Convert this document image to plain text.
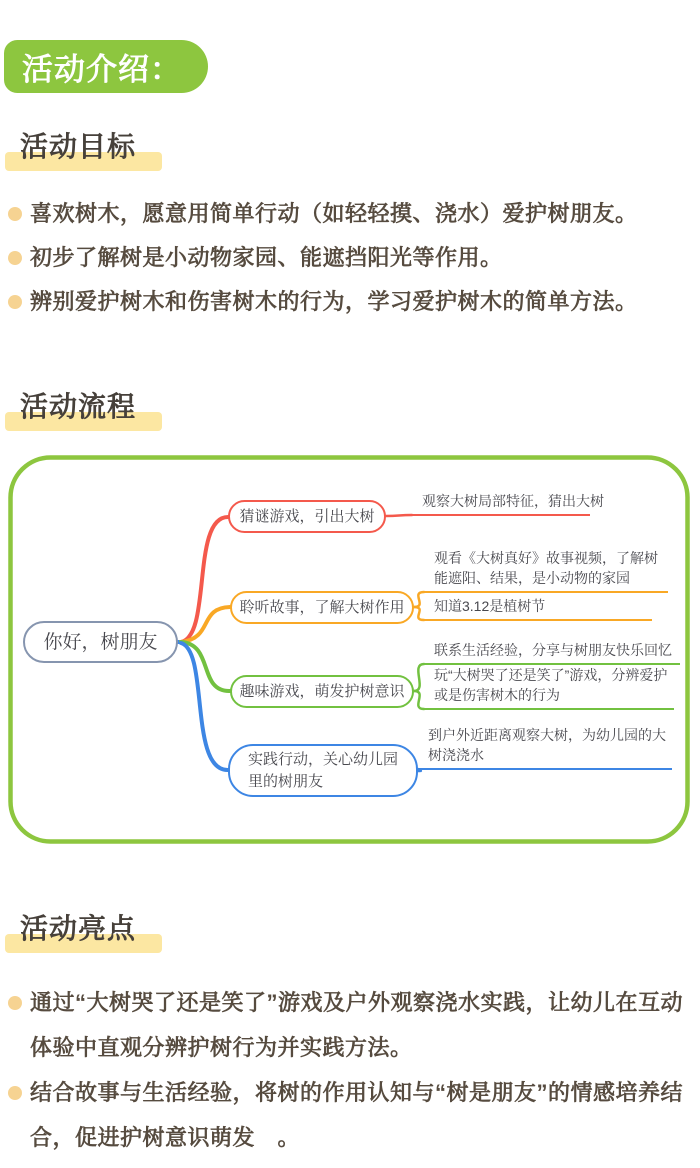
活动介绍：
活动目标
喜欢树木，愿意用简单行动（如轻轻摸、浇水）爱护树朋友。
初步了解树是小动物家园、能遮挡阳光等作用。
辨别爱护树木和伤害树木的行为，学习爱护树木的简单方法。
活动流程
你好，树朋友
猜谜游戏，引出大树
观察大树局部特征，猜出大树
聆听故事，了解大树作用
观看《大树真好》故事视频，了解树能遮阳、结果，是小动物的家园
知道3.12是植树节
趣味游戏，萌发护树意识
联系生活经验，分享与树朋友快乐回忆
玩“大树哭了还是笑了”游戏，分辨爱护或是伤害树木的行为
实践行动，关心幼儿园里的树朋友
到户外近距离观察大树，为幼儿园的大树浇浇水
活动亮点
通过“大树哭了还是笑了”游戏及户外观察浇水实践，让幼儿在互动体验中直观分辨护树行为并实践方法。
结合故事与生活经验，将树的作用认知与“树是朋友”的情感培养结合，促进护树意识萌发　。
